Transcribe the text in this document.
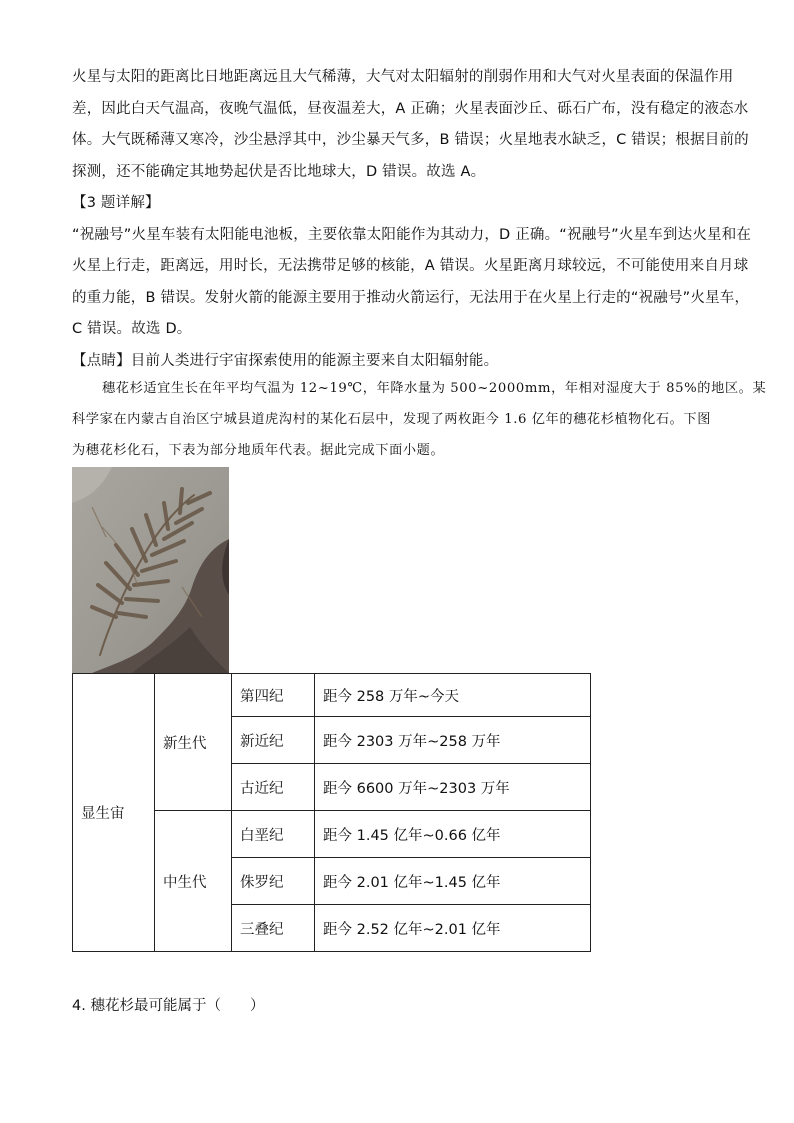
火星与太阳的距离比日地距离远且大气稀薄，大气对太阳辐射的削弱作用和大气对火星表面的保温作用
差，因此白天气温高，夜晚气温低，昼夜温差大，A 正确；火星表面沙丘、砾石广布，没有稳定的液态水
体。大气既稀薄又寒冷，沙尘悬浮其中，沙尘暴天气多，B 错误；火星地表水缺乏，C 错误；根据目前的
探测，还不能确定其地势起伏是否比地球大，D 错误。故选 A。
【3 题详解】
“祝融号”火星车装有太阳能电池板，主要依靠太阳能作为其动力，D 正确。“祝融号”火星车到达火星和在
火星上行走，距离远，用时长，无法携带足够的核能，A 错误。火星距离月球较远，不可能使用来自月球
的重力能，B 错误。发射火箭的能源主要用于推动火箭运行，无法用于在火星上行走的“祝融号”火星车，
C 错误。故选 D。
【点睛】目前人类进行宇宙探索使用的能源主要来自太阳辐射能。
穗花杉适宜生长在年平均气温为 12~19℃，年降水量为 500~2000mm，年相对湿度大于 85%的地区。某
科学家在内蒙古自治区宁城县道虎沟村的某化石层中，发现了两枚距今 1.6 亿年的穗花杉植物化石。下图
为穗花杉化石，下表为部分地质年代表。据此完成下面小题。
显生宙	新生代	第四纪	距今 258 万年~今天
		新近纪	距今 2303 万年~258 万年
		古近纪	距今 6600 万年~2303 万年
	中生代	白垩纪	距今 1.45 亿年~0.66 亿年
		侏罗纪	距今 2.01 亿年~1.45 亿年
		三叠纪	距今 2.52 亿年~2.01 亿年

4. 穗花杉最可能属于（　　）
